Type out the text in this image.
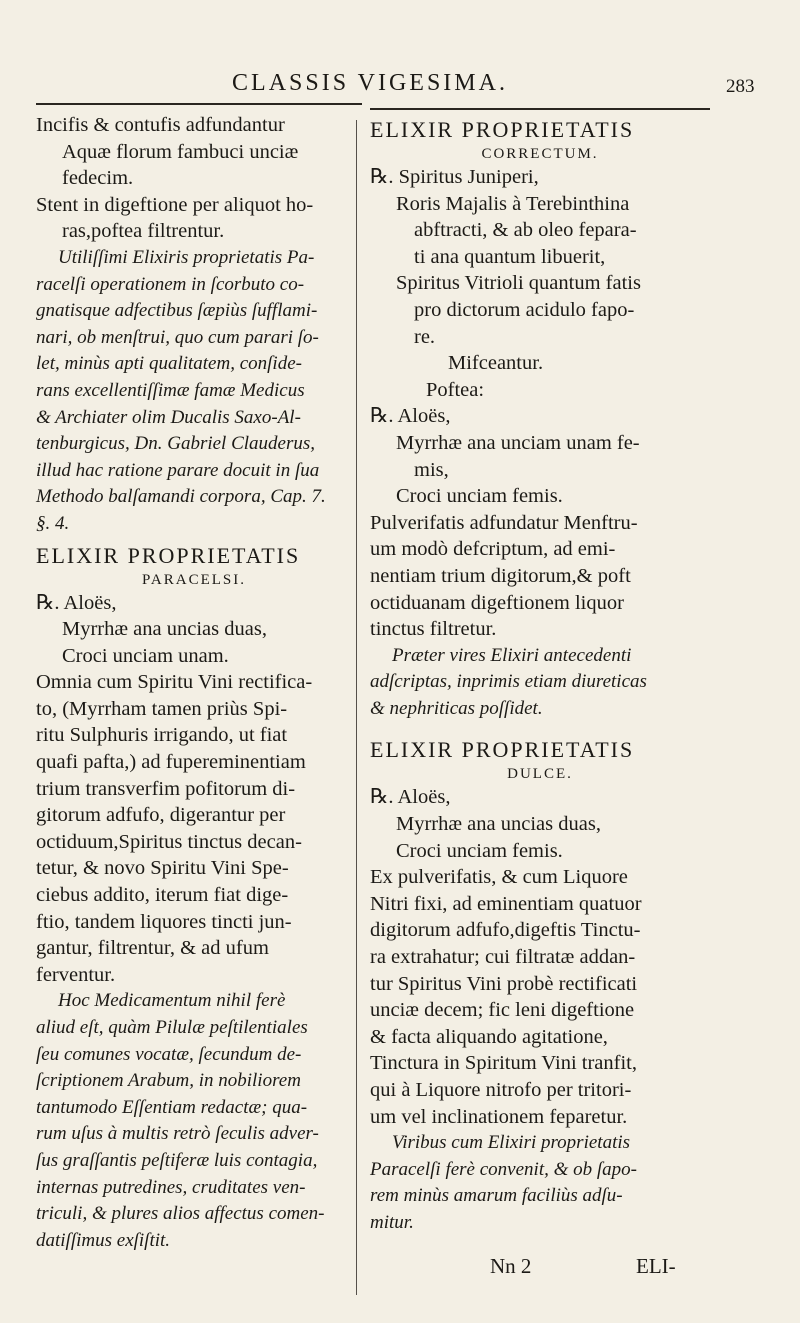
CLASSIS VIGESIMA.	283
Incifis & contufis adfundantur
Aquæ florum fambuci unciæ
fedecim.
Stent in digeftione per aliquot ho-
ras,poftea filtrentur.
Utiliſſimi Elixiris proprietatis Pa-
racelſi operationem in ſcorbuto co-
gnatisque adfectibus ſæpiùs ſufflami-
nari, ob menſtrui, quo cum parari ſo-
let, minùs apti qualitatem, conſide-
rans excellentiſſimæ famæ Medicus
& Archiater olim Ducalis Saxo-Al-
tenburgicus, Dn. Gabriel Clauderus,
illud hac ratione parare docuit in ſua
Methodo balſamandi corpora, Cap. 7.
§. 4.
ELIXIR PROPRIETATIS
PARACELSI.
℞. Aloës,
Myrrhæ ana uncias duas,
Croci unciam unam.
Omnia cum Spiritu Vini rectifica-
to, (Myrrham tamen priùs Spi-
ritu Sulphuris irrigando, ut fiat
quafi pafta,) ad fupereminentiam
trium transverfim pofitorum di-
gitorum adfufo, digerantur per
octiduum,Spiritus tinctus decan-
tetur, & novo Spiritu Vini Spe-
ciebus addito, iterum fiat dige-
ftio, tandem liquores tincti jun-
gantur, filtrentur, & ad ufum
ferventur.
Hoc Medicamentum nihil ferè
aliud eſt, quàm Pilulæ peſtilentiales
ſeu comunes vocatæ, ſecundum de-
ſcriptionem Arabum, in nobiliorem
tantumodo Eſſentiam redactæ; qua-
rum uſus à multis retrò ſeculis adver-
ſus graſſantis peſtiferæ luis contagia,
internas putredines, cruditates ven-
triculi, & plures alios affectus comen-
datiſſimus exſiſtit.
ELIXIR PROPRIETATIS
CORRECTUM.
℞. Spiritus Juniperi,
Roris Majalis à Terebinthina
abftracti, & ab oleo fepara-
ti ana quantum libuerit,
Spiritus Vitrioli quantum fatis
pro dictorum acidulo fapo-
re.
Mifceantur.
Poftea:
℞. Aloës,
Myrrhæ ana unciam unam fe-
mis,
Croci unciam femis.
Pulverifatis adfundatur Menftru-
um modò defcriptum, ad emi-
nentiam trium digitorum,& poft
octiduanam digeftionem liquor
tinctus filtretur.
Præter vires Elixiri antecedenti
adſcriptas, inprimis etiam diureticas
& nephriticas poſſidet.
ELIXIR PROPRIETATIS
DULCE.
℞. Aloës,
Myrrhæ ana uncias duas,
Croci unciam femis.
Ex pulverifatis, & cum Liquore
Nitri fixi, ad eminentiam quatuor
digitorum adfufo,digeftis Tinctu-
ra extrahatur; cui filtratæ addan-
tur Spiritus Vini probè rectificati
unciæ decem; fic leni digeftione
& facta aliquando agitatione,
Tinctura in Spiritum Vini tranfit,
qui à Liquore nitrofo per tritori-
um vel inclinationem feparetur.
Viribus cum Elixiri proprietatis
Paracelſi ferè convenit, & ob ſapo-
rem minùs amarum faciliùs adſu-
mitur.
Nn 2	ELI-
